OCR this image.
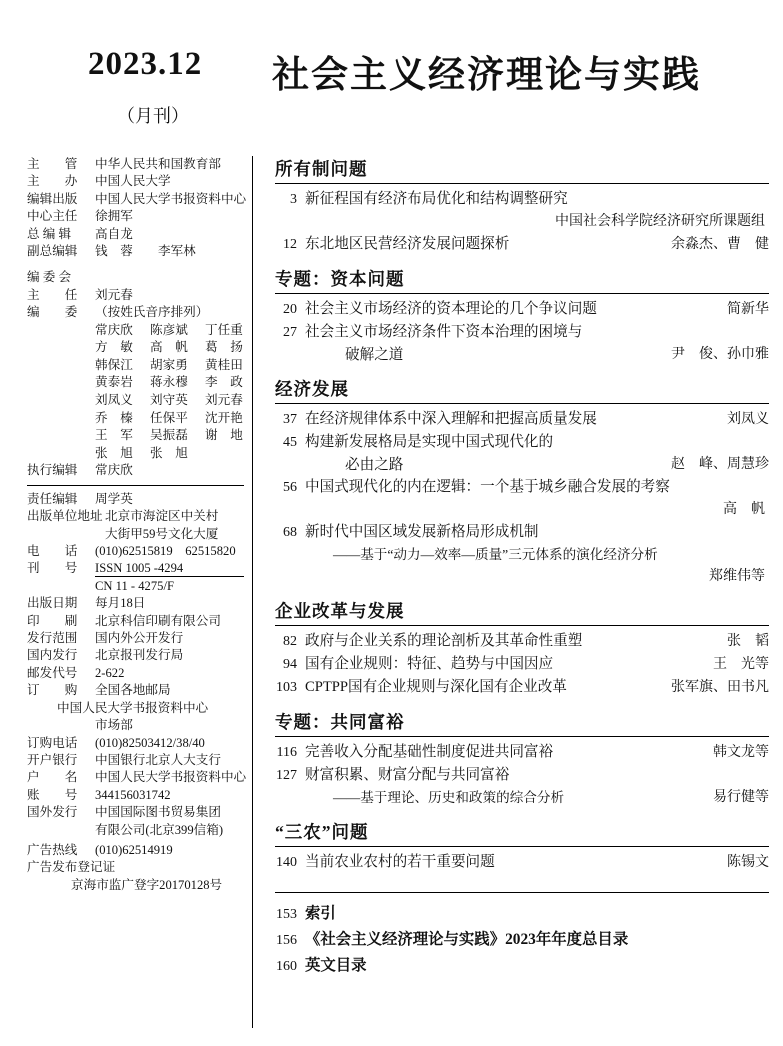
2023.12 社会主义经济理论与实践
（月刊）
主　　管	中华人民共和国教育部
主　　办	中国人民大学
编辑出版	中国人民大学书报资料中心
中心主任	徐拥军
总 编 辑	高自龙
副总编辑	钱　蓉　　李军林
编 委 会
主　　任	刘元春
编　　委	（按姓氏音序排列）
常庆欣 陈彦斌 丁任重
方　敏 高　帆 葛　扬
韩保江 胡家勇 黄桂田
黄泰岩 蒋永穆 李　政
刘凤义 刘守英 刘元春
乔　榛 任保平 沈开艳
王　军 吴振磊 谢　地
张　旭 张　旭
执行编辑	常庆欣
责任编辑	周学英
出版单位地址 北京市海淀区中关村
大街甲59号文化大厦
电　　话	(010)62515819　62515820
刊　　号	ISSN 1005 -4294
CN 11 - 4275/F
出版日期	每月18日
印　　刷	北京科信印刷有限公司
发行范围	国内外公开发行
国内发行	北京报刊发行局
邮发代号	2-622
订　　购	全国各地邮局
中国人民大学书报资料中心
市场部
订购电话	(010)82503412/38/40
开户银行	中国银行北京人大支行
户　　名	中国人民大学书报资料中心
账　　号	344156031742
国外发行	中国国际图书贸易集团
有限公司(北京399信箱)
广告热线	(010)62514919
广告发布登记证
京海市监广登字20170128号
所有制问题
3 新征程国有经济布局优化和结构调整研究
中国社会科学院经济研究所课题组
12 东北地区民营经济发展问题探析	余淼杰、曹　健
专题：资本问题
20 社会主义市场经济的资本理论的几个争议问题	简新华
27 社会主义市场经济条件下资本治理的困境与
破解之道	尹　俊、孙巾雅
经济发展
37 在经济规律体系中深入理解和把握高质量发展	刘凤义
45 构建新发展格局是实现中国式现代化的
必由之路	赵　峰、周慧珍
56 中国式现代化的内在逻辑：一个基于城乡融合发展的考察
高　帆
68 新时代中国区域发展新格局形成机制
——基于“动力—效率—质量”三元体系的演化经济分析
郑维伟等
企业改革与发展
82 政府与企业关系的理论剖析及其革命性重塑	张　韬
94 国有企业规则：特征、趋势与中国因应	王　光等
103 CPTPP国有企业规则与深化国有企业改革	张军旗、田书凡
专题：共同富裕
116 完善收入分配基础性制度促进共同富裕	韩文龙等
127 财富积累、财富分配与共同富裕
——基于理论、历史和政策的综合分析	易行健等
“三农”问题
140 当前农业农村的若干重要问题	陈锡文
153 索引
156 《社会主义经济理论与实践》2023年年度总目录
160 英文目录
